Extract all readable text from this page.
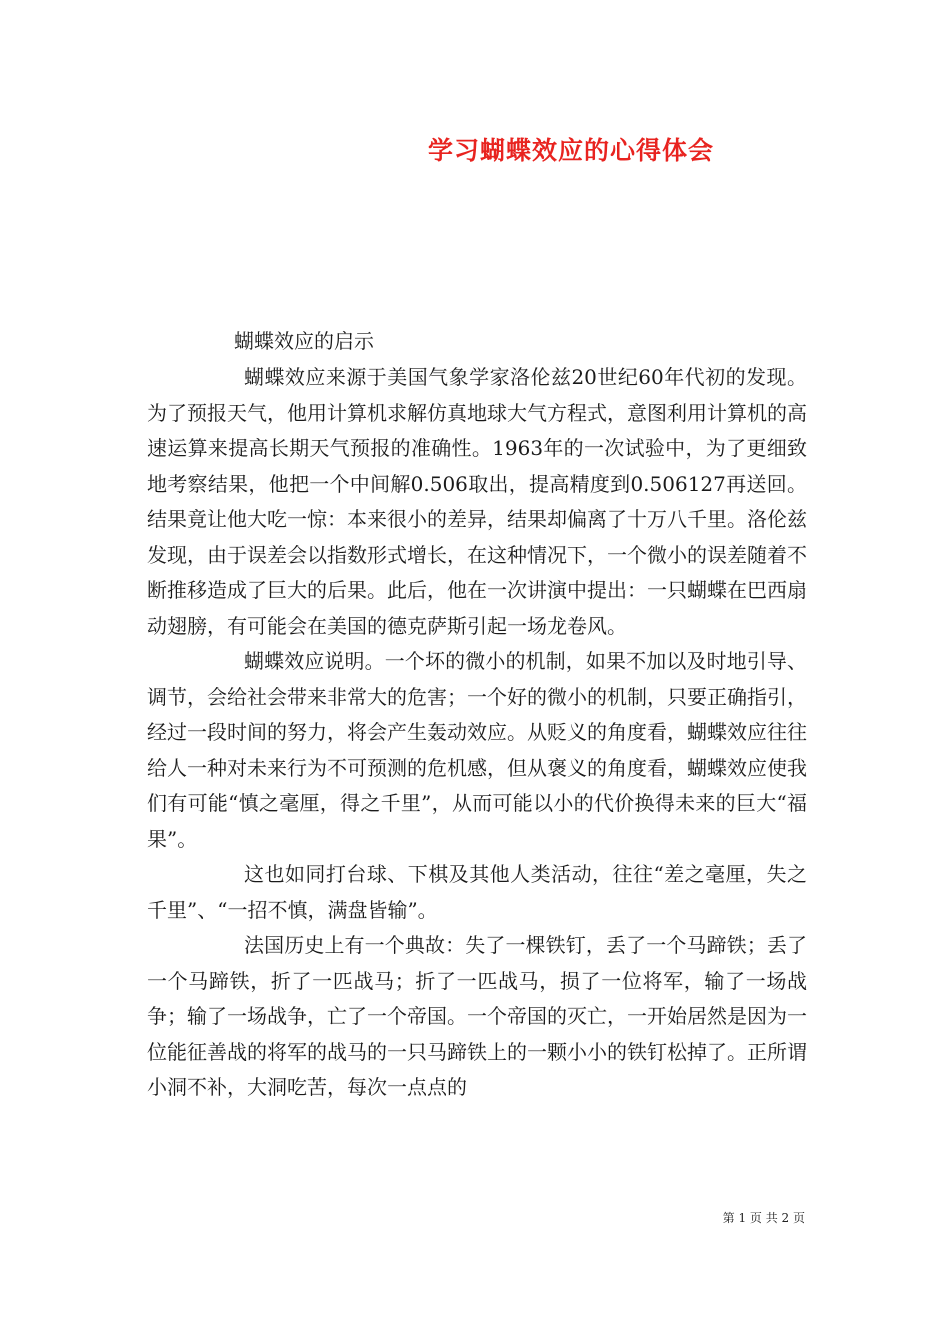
学习蝴蝶效应的心得体会
蝴蝶效应的启示

蝴蝶效应来源于美国气象学家洛伦兹20世纪60年代初的发现。为了预报天气，他用计算机求解仿真地球大气方程式，意图利用计算机的高速运算来提高长期天气预报的准确性。1963年的一次试验中，为了更细致地考察结果，他把一个中间解0.506取出，提高精度到0.506127再送回。结果竟让他大吃一惊：本来很小的差异，结果却偏离了十万八千里。洛伦兹发现，由于误差会以指数形式增长，在这种情况下，一个微小的误差随着不断推移造成了巨大的后果。此后，他在一次讲演中提出：一只蝴蝶在巴西扇动翅膀，有可能会在美国的德克萨斯引起一场龙卷风。

蝴蝶效应说明。一个坏的微小的机制，如果不加以及时地引导、调节，会给社会带来非常大的危害；一个好的微小的机制，只要正确指引，经过一段时间的努力，将会产生轰动效应。从贬义的角度看，蝴蝶效应往往给人一种对未来行为不可预测的危机感，但从褒义的角度看，蝴蝶效应使我们有可能“慎之毫厘，得之千里”，从而可能以小的代价换得未来的巨大“福果”。

这也如同打台球、下棋及其他人类活动，往往“差之毫厘，失之千里”、“一招不慎，满盘皆输”。

法国历史上有一个典故：失了一棵铁钉，丢了一个马蹄铁；丢了一个马蹄铁，折了一匹战马；折了一匹战马，损了一位将军，输了一场战争；输了一场战争，亡了一个帝国。一个帝国的灭亡，一开始居然是因为一位能征善战的将军的战马的一只马蹄铁上的一颗小小的铁钉松掉了。正所谓小洞不补，大洞吃苦，每次一点点的

第 1 页 共 2 页
